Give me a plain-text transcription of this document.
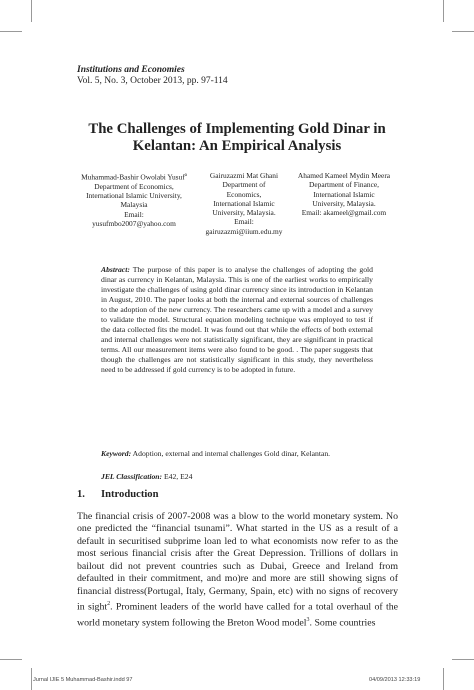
Institutions and Economies
Vol. 5, No. 3, October 2013, pp. 97-114
The Challenges of Implementing Gold Dinar in
Kelantan: An Empirical Analysis
Muhammad-Bashir Owolabi Yusuf$^a$
Department of Economics,
International Islamic University,
Malaysia
Email:
yusufmbo2007@yahoo.com
Gairuzazmi Mat Ghani
Department of
Economics,
International Islamic
University, Malaysia.
Email:
gairuzazmi@iium.edu.my
Ahamed Kameel Mydin Meera
Department of Finance,
International Islamic
University, Malaysia.
Email: akameel@gmail.com
Abstract: The purpose of this paper is to analyse the challenges of adopting the gold dinar as currency in Kelantan, Malaysia. This is one of the earliest works to empirically investigate the challenges of using gold dinar currency since its introduction in Kelantan in August, 2010. The paper looks at both the internal and external sources of challenges to the adoption of the new currency. The researchers came up with a model and a survey to validate the model. Structural equation modeling technique was employed to test if the data collected fits the model. It was found out that while the effects of both external and internal challenges were not statistically significant, they are significant in practical terms. All our measurement items were also found to be good. . The paper suggests that though the challenges are not statistically significant in this study, they nevertheless need to be addressed if gold currency is to be adopted in future.
Keyword: Adoption, external and internal challenges Gold dinar, Kelantan.
JEL Classification: E42, E24
1. Introduction
The financial crisis of 2007-2008 was a blow to the world monetary system. No one predicted the “financial tsunami”. What started in the US as a result of a default in securitised subprime loan led to what economists now refer to as the most serious financial crisis after the Great Depression. Trillions of dollars in bailout did not prevent countries such as Dubai, Greece and Ireland from defaulted in their commitment, and mo)re and more are still showing signs of financial distress(Portugal, Italy, Germany, Spain, etc) with no signs of recovery in sight$^2$. Prominent leaders of the world have called for a total overhaul of the world monetary system following the Breton Wood model$^3$. Some countries
Jurnal IJIE 5 Muhammad-Bashir.indd 97	04/09/2013 12:33:19
